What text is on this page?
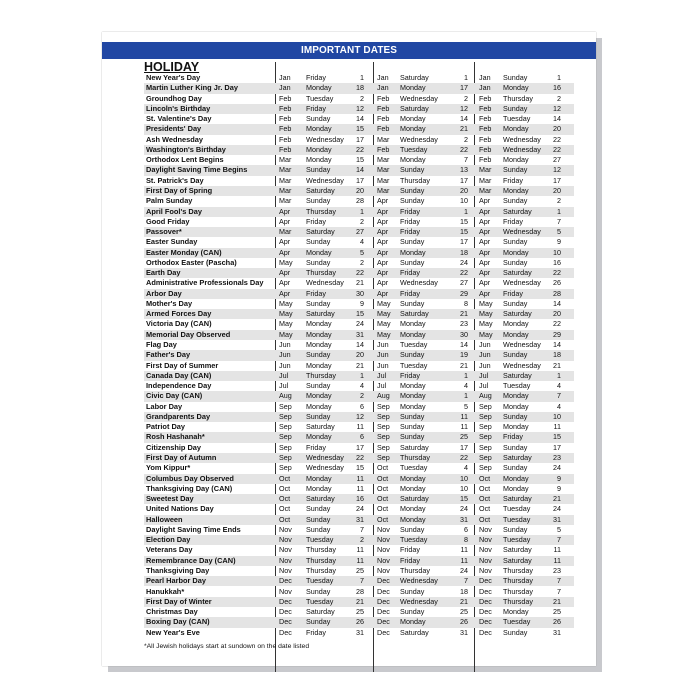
IMPORTANT DATES
HOLIDAY
New Year's Day	Jan Friday	1 Jan Saturday	1 Jan Sunday	1
Martin Luther King Jr. Day	Jan Monday	18 Jan Monday	17 Jan Monday	16
Groundhog Day	Feb Tuesday	2 Feb Wednesday	2 Feb Thursday	2
Lincoln's Birthday	Feb Friday	12 Feb Saturday	12 Feb Sunday	12
St. Valentine's Day	Feb Sunday	14 Feb Monday	14 Feb Tuesday	14
Presidents' Day	Feb Monday	15 Feb Monday	21 Feb Monday	20
Ash Wednesday	Feb Wednesday	17 Mar Wednesday	2 Feb Wednesday	22
Washington's Birthday	Feb Monday	22 Feb Tuesday	22 Feb Wednesday	22
Orthodox Lent Begins	Mar Monday	15 Mar Monday	7 Feb Monday	27
Daylight Saving Time Begins	Mar Sunday	14 Mar Sunday	13 Mar Sunday	12
St. Patrick's Day	Mar Wednesday	17 Mar Thursday	17 Mar Friday	17
First Day of Spring	Mar Saturday	20 Mar Sunday	20 Mar Monday	20
Palm Sunday	Mar Sunday	28 Apr Sunday	10 Apr Sunday	2
April Fool's Day	Apr Thursday	1 Apr Friday	1 Apr Saturday	1
Good Friday	Apr Friday	2 Apr Friday	15 Apr Friday	7
Passover*	Mar Saturday	27 Apr Friday	15 Apr Wednesday	5
Easter Sunday	Apr Sunday	4 Apr Sunday	17 Apr Sunday	9
Easter Monday (CAN)	Apr Monday	5 Apr Monday	18 Apr Monday	10
Orthodox Easter (Pascha)	May Sunday	2 Apr Sunday	24 Apr Sunday	16
Earth Day	Apr Thursday	22 Apr Friday	22 Apr Saturday	22
Administrative Professionals Day	Apr Wednesday	21 Apr Wednesday	27 Apr Wednesday	26
Arbor Day	Apr Friday	30 Apr Friday	29 Apr Friday	28
Mother's Day	May Sunday	9 May Sunday	8 May Sunday	14
Armed Forces Day	May Saturday	15 May Saturday	21 May Saturday	20
Victoria Day (CAN)	May Monday	24 May Monday	23 May Monday	22
Memorial Day Observed	May Monday	31 May Monday	30 May Monday	29
Flag Day	Jun Monday	14 Jun Tuesday	14 Jun Wednesday	14
Father's Day	Jun Sunday	20 Jun Sunday	19 Jun Sunday	18
First Day of Summer	Jun Monday	21 Jun Tuesday	21 Jun Wednesday	21
Canada Day (CAN)	Jul Thursday	1 Jul Friday	1 Jul Saturday	1
Independence Day	Jul Sunday	4 Jul Monday	4 Jul Tuesday	4
Civic Day (CAN)	Aug Monday	2 Aug Monday	1 Aug Monday	7
Labor Day	Sep Monday	6 Sep Monday	5 Sep Monday	4
Grandparents Day	Sep Sunday	12 Sep Sunday	11 Sep Sunday	10
Patriot Day	Sep Saturday	11 Sep Sunday	11 Sep Monday	11
Rosh Hashanah*	Sep Monday	6 Sep Sunday	25 Sep Friday	15
Citizenship Day	Sep Friday	17 Sep Saturday	17 Sep Sunday	17
First Day of Autumn	Sep Wednesday	22 Sep Thursday	22 Sep Saturday	23
Yom Kippur*	Sep Wednesday	15 Oct Tuesday	4 Sep Sunday	24
Columbus Day Observed	Oct Monday	11 Oct Monday	10 Oct Monday	9
Thanksgiving Day (CAN)	Oct Monday	11 Oct Monday	10 Oct Monday	9
Sweetest Day	Oct Saturday	16 Oct Saturday	15 Oct Saturday	21
United Nations Day	Oct Sunday	24 Oct Monday	24 Oct Tuesday	24
Halloween	Oct Sunday	31 Oct Monday	31 Oct Tuesday	31
Daylight Saving Time Ends	Nov Sunday	7 Nov Sunday	6 Nov Sunday	5
Election Day	Nov Tuesday	2 Nov Tuesday	8 Nov Tuesday	7
Veterans Day	Nov Thursday	11 Nov Friday	11 Nov Saturday	11
Remembrance Day (CAN)	Nov Thursday	11 Nov Friday	11 Nov Saturday	11
Thanksgiving Day	Nov Thursday	25 Nov Thursday	24 Nov Thursday	23
Pearl Harbor Day	Dec Tuesday	7 Dec Wednesday	7 Dec Thursday	7
Hanukkah*	Nov Sunday	28 Dec Sunday	18 Dec Thursday	7
First Day of Winter	Dec Tuesday	21 Dec Wednesday	21 Dec Thursday	21
Christmas Day	Dec Saturday	25 Dec Sunday	25 Dec Monday	25
Boxing Day (CAN)	Dec Sunday	26 Dec Monday	26 Dec Tuesday	26
New Year's Eve	Dec Friday	31 Dec Saturday	31 Dec Sunday	31
*All Jewish holidays start at sundown on the date listed
